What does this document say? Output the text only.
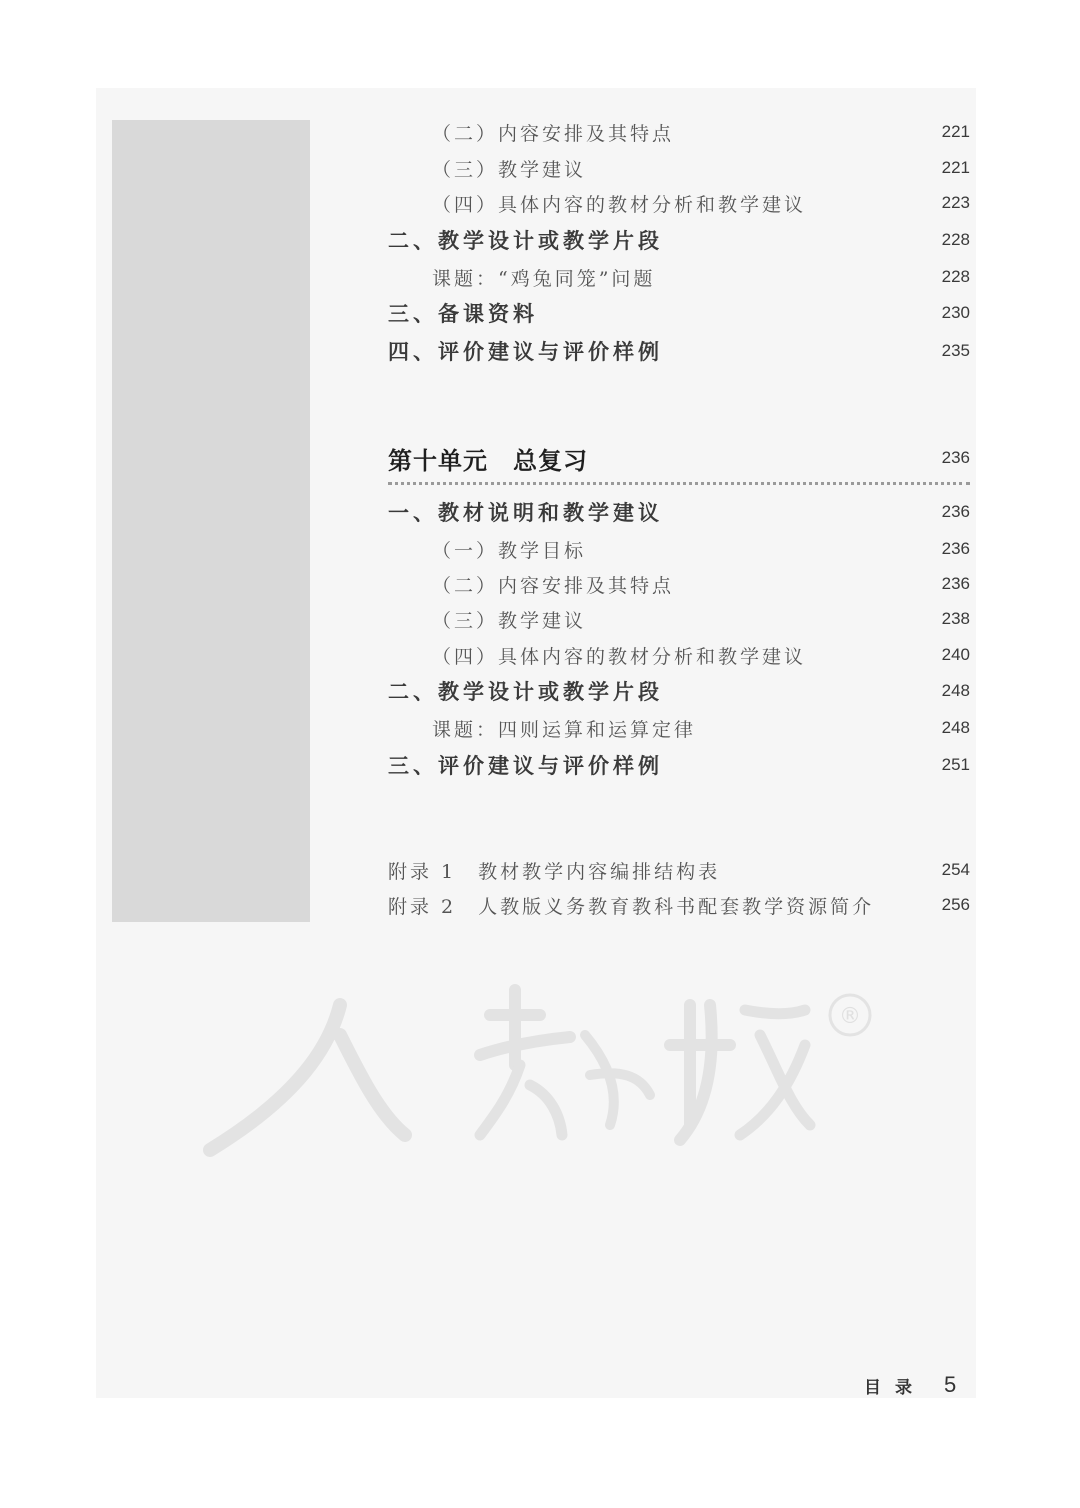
（二）内容安排及其特点	221
（三）教学建议	221
（四）具体内容的教材分析和教学建议	223
二、教学设计或教学片段	228
课题：“鸡兔同笼”问题	228
三、备课资料	230
四、评价建议与评价样例	235
第十单元　总复习	236
一、教材说明和教学建议	236
（一）教学目标	236
（二）内容安排及其特点	236
（三）教学建议	238
（四）具体内容的教材分析和教学建议	240
二、教学设计或教学片段	248
课题：四则运算和运算定律	248
三、评价建议与评价样例	251
附录 1　教材教学内容编排结构表	254
附录 2　人教版义务教育教科书配套教学资源简介	256
®
目录 5
